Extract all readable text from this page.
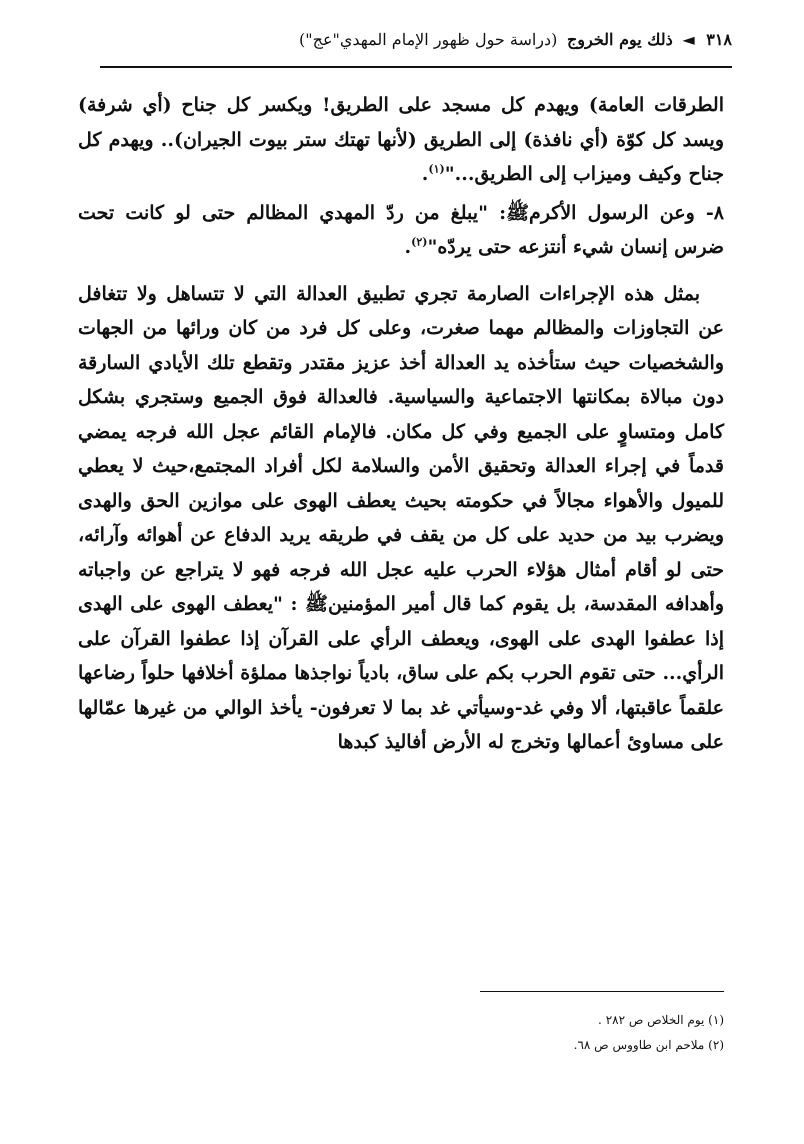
٣١٨ ◄ ذلك يوم الخروج (دراسة حول ظهور الإمام المهدي"عج")

الطرقات العامة) ويهدم كل مسجد على الطريق! ويكسر كل جناح (أي شرفة) ويسد كل كوّة (أي نافذة) إلى الطريق (لأنها تهتك ستر بيوت الجيران).. ويهدم كل جناح وكيف وميزاب إلى الطريق..."$^{(١)}$.

٨- وعن الرسول الأكرمﷺ: "يبلغ من ردّ المهدي المظالم حتى لو كانت تحت ضرس إنسان شيء أنتزعه حتى يردّه"$^{(٢)}$.

بمثل هذه الإجراءات الصارمة تجري تطبيق العدالة التي لا تتساهل ولا تتغافل عن التجاوزات والمظالم مهما صغرت، وعلى كل فرد من كان ورائها من الجهات والشخصيات حيث ستأخذه يد العدالة أخذ عزيز مقتدر وتقطع تلك الأيادي السارقة دون مبالاة بمكانتها الاجتماعية والسياسية. فالعدالة فوق الجميع وستجري بشكل كامل ومتساوٍ على الجميع وفي كل مكان. فالإمام القائم عجل الله فرجه يمضي قدماً في إجراء العدالة وتحقيق الأمن والسلامة لكل أفراد المجتمع،حيث لا يعطي للميول والأهواء مجالاً في حكومته بحيث يعطف الهوى على موازين الحق والهدى ويضرب بيد من حديد على كل من يقف في طريقه يريد الدفاع عن أهوائه وآرائه، حتى لو أقام أمثال هؤلاء الحرب عليه عجل الله فرجه فهو لا يتراجع عن واجباته وأهدافه المقدسة، بل يقوم كما قال أمير المؤمنينﷺ : "يعطف الهوى على الهدى إذا عطفوا الهدى على الهوى، ويعطف الرأي على القرآن إذا عطفوا القرآن على الرأي... حتى تقوم الحرب بكم على ساق، بادياً نواجذها مملؤة أخلافها حلواً رضاعها علقماً عاقبتها، ألا وفي غد-وسيأتي غد بما لا تعرفون- يأخذ الوالي من غيرها عمّالها على مساوئ أعمالها وتخرج له الأرض أفاليذ كبدها

(١) يوم الخلاص ص ٢٨٢ .
(٢) ملاحم ابن طاووس ص ٦٨.
